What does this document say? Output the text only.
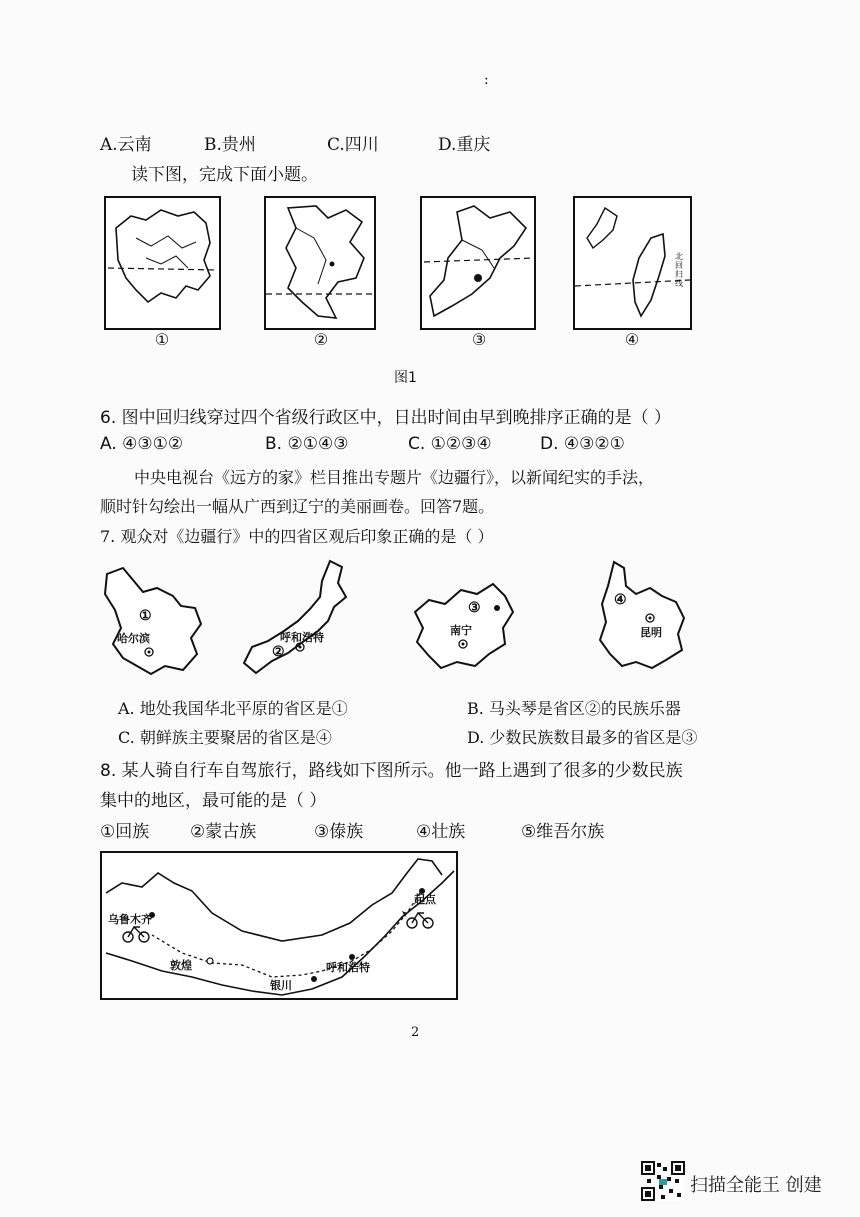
:
A.云南	B.贵州	C.四川	D.重庆
读下图，完成下面小题。
北回归线
①	②	③	④
图1
6. 图中回归线穿过四个省级行政区中，日出时间由早到晚排序正确的是（ ）
A. ④③①②	B. ②①④③	C. ①②③④	D. ④③②①
中央电视台《远方的家》栏目推出专题片《边疆行》，以新闻纪实的手法，
顺时针勾绘出一幅从广西到辽宁的美丽画卷。回答7题。
7. 观众对《边疆行》中的四省区观后印象正确的是（ ）
①
哈尔滨
②
呼和浩特
③
南宁
④
昆明
A. 地处我国华北平原的省区是①	B. 马头琴是省区②的民族乐器
C. 朝鲜族主要聚居的省区是④	D. 少数民族数目最多的省区是③
8. 某人骑自行车自驾旅行，路线如下图所示。他一路上遇到了很多的少数民族
集中的地区，最可能的是（ ）
①回族 ②蒙古族	③傣族	④壮族	⑤维吾尔族
起点
乌鲁木齐
敦煌
银川
呼和浩特
2
扫描全能王 创建
